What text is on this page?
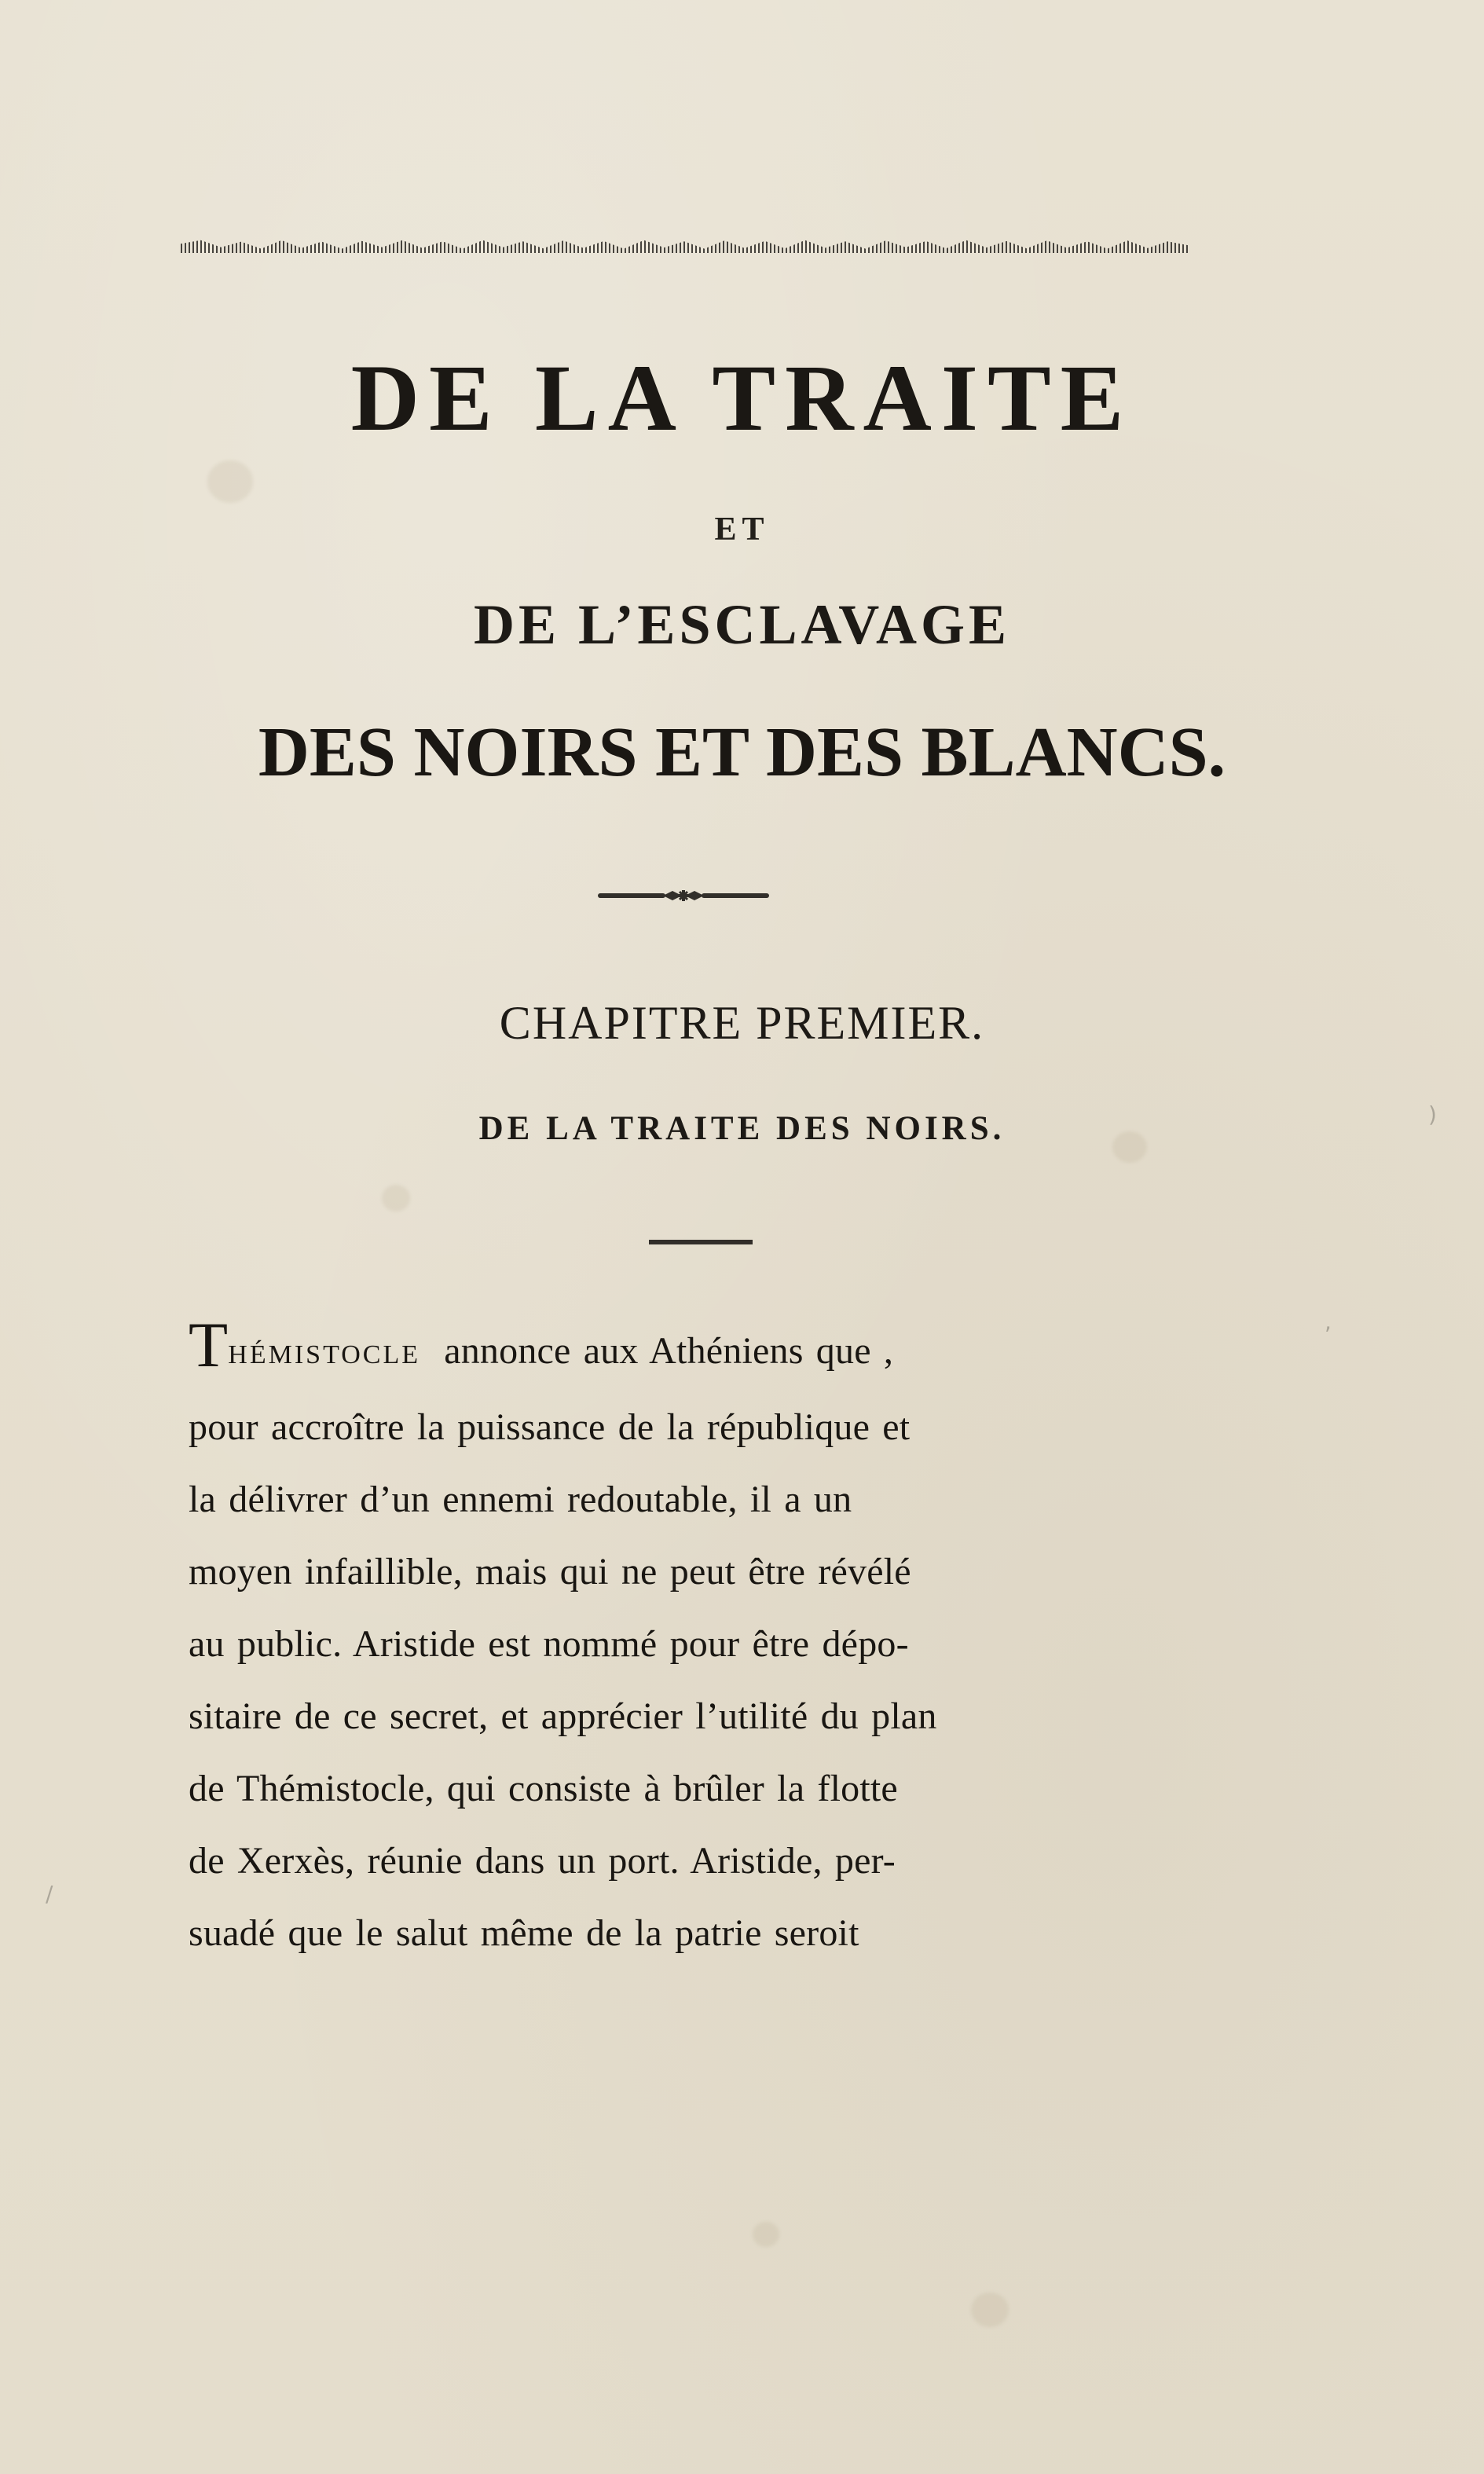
DE LA TRAITE
ET
DE L’ESCLAVAGE
DES NOIRS ET DES BLANCS.
CHAPITRE PREMIER.
DE LA TRAITE DES NOIRS.
THÉMISTOCLE annonce aux Athéniens que ,
pour accroître la puissance de la république et
la délivrer d’un ennemi redoutable, il a un
moyen infaillible, mais qui ne peut être révélé
au public. Aristide est nommé pour être dépo-
sitaire de ce secret, et apprécier l’utilité du plan
de Thémistocle, qui consiste à brûler la flotte
de Xerxès, réunie dans un port. Aristide, per-
suadé que le salut même de la patrie seroit
)
,
/
